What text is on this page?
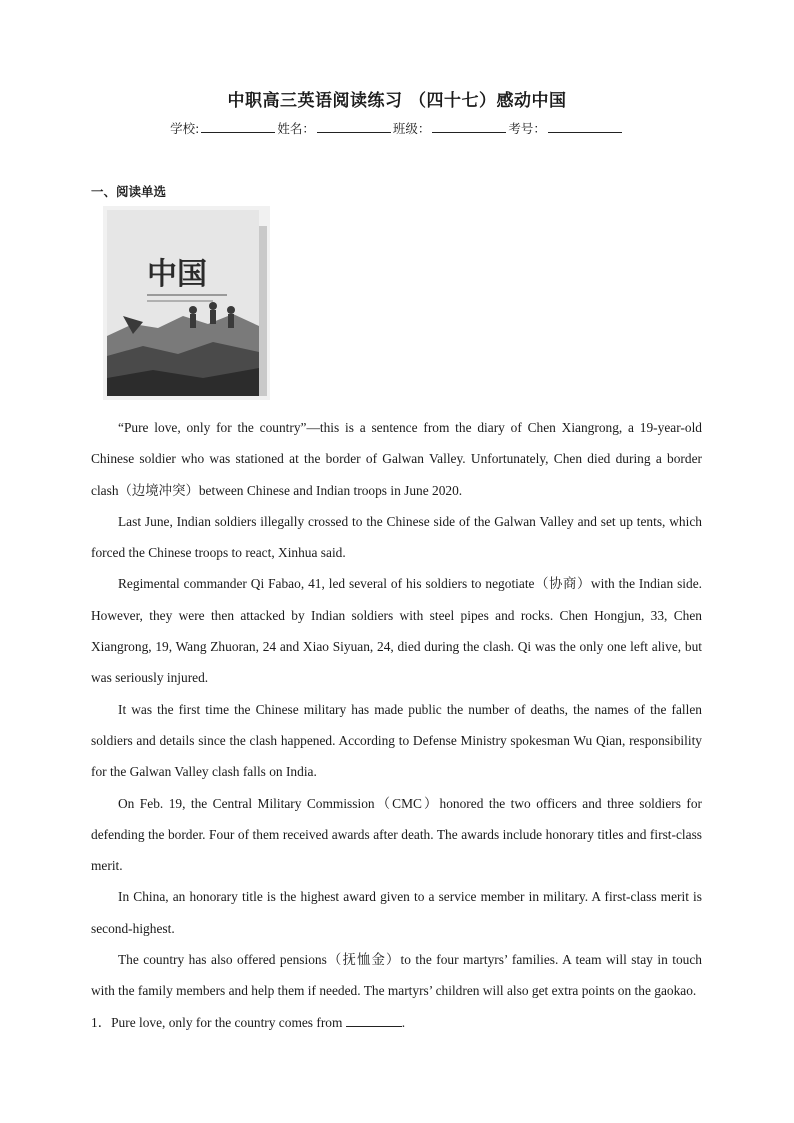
中职高三英语阅读练习 （四十七）感动中国
学校:	姓名：	班级：	考号：
一、阅读单选
中国

“Pure love, only for the country”—this is a sentence from the diary of Chen Xiangrong, a 19-year-old Chinese soldier who was stationed at the border of Galwan Valley. Unfortunately, Chen died during a border clash（边境冲突）between Chinese and Indian troops in June 2020.

Last June, Indian soldiers illegally crossed to the Chinese side of the Galwan Valley and set up tents, which forced the Chinese troops to react, Xinhua said.

Regimental commander Qi Fabao, 41, led several of his soldiers to negotiate（协商）with the Indian side. However, they were then attacked by Indian soldiers with steel pipes and rocks. Chen Hongjun, 33, Chen Xiangrong, 19, Wang Zhuoran, 24 and Xiao Siyuan, 24, died during the clash. Qi was the only one left alive, but was seriously injured.

It was the first time the Chinese military has made public the number of deaths, the names of the fallen soldiers and details since the clash happened. According to Defense Ministry spokesman Wu Qian, responsibility for the Galwan Valley clash falls on India.

On Feb. 19, the Central Military Commission（CMC）honored the two officers and three soldiers for defending the border. Four of them received awards after death. The awards include honorary titles and first-class merit.

In China, an honorary title is the highest award given to a service member in military. A first-class merit is second-highest.

The country has also offered pensions（抚恤金）to the four martyrs’ families. A team will stay in touch with the family members and help them if needed. The martyrs’ children will also get extra points on the gaokao.

1．Pure love, only for the country comes from	.
